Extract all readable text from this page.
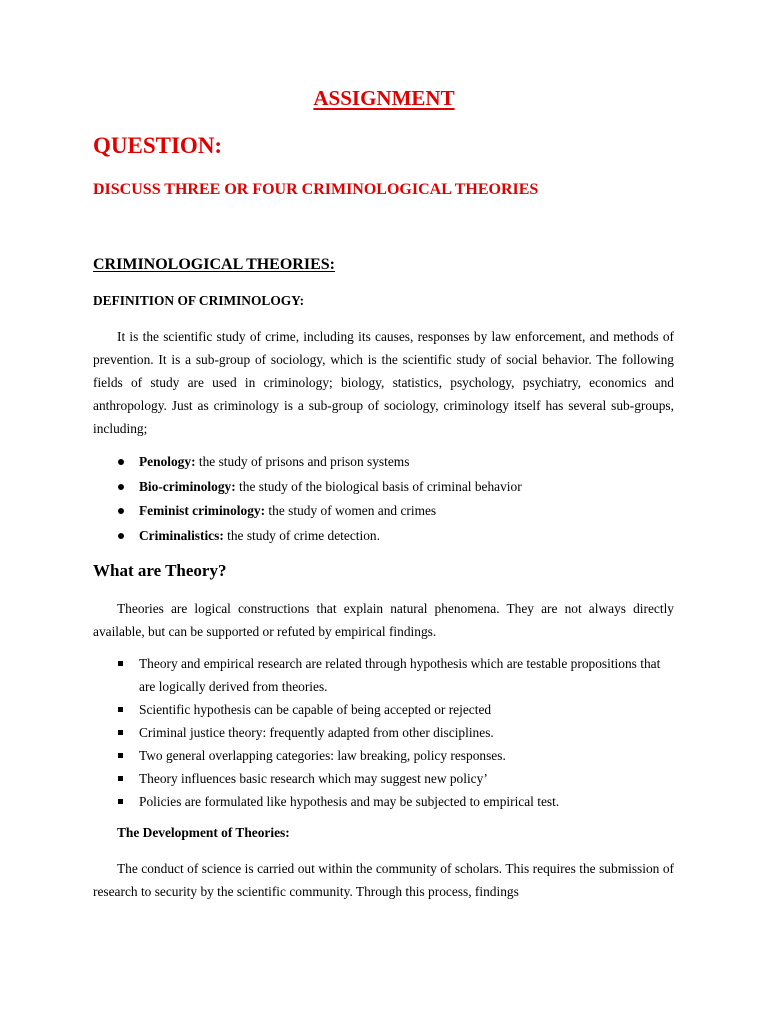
ASSIGNMENT
QUESTION:
DISCUSS THREE OR FOUR CRIMINOLOGICAL THEORIES
CRIMINOLOGICAL THEORIES:
DEFINITION OF CRIMINOLOGY:
It is the scientific study of crime, including its causes, responses by law enforcement, and methods of prevention. It is a sub-group of sociology, which is the scientific study of social behavior. The following fields of study are used in criminology; biology, statistics, psychology, psychiatry, economics and anthropology. Just as criminology is a sub-group of sociology, criminology itself has several sub-groups, including;
Penology: the study of prisons and prison systems
Bio-criminology: the study of the biological basis of criminal behavior
Feminist criminology: the study of women and crimes
Criminalistics: the study of crime detection.
What are Theory?
Theories are logical constructions that explain natural phenomena. They are not always directly available, but can be supported or refuted by empirical findings.
Theory and empirical research are related through hypothesis which are testable propositions that are logically derived from theories.
Scientific hypothesis can be capable of being accepted or rejected
Criminal justice theory: frequently adapted from other disciplines.
Two general overlapping categories: law breaking, policy responses.
Theory influences basic research which may suggest new policy’
Policies are formulated like hypothesis and may be subjected to empirical test.
The Development of Theories:
The conduct of science is carried out within the community of scholars. This requires the submission of research to security by the scientific community. Through this process, findings
